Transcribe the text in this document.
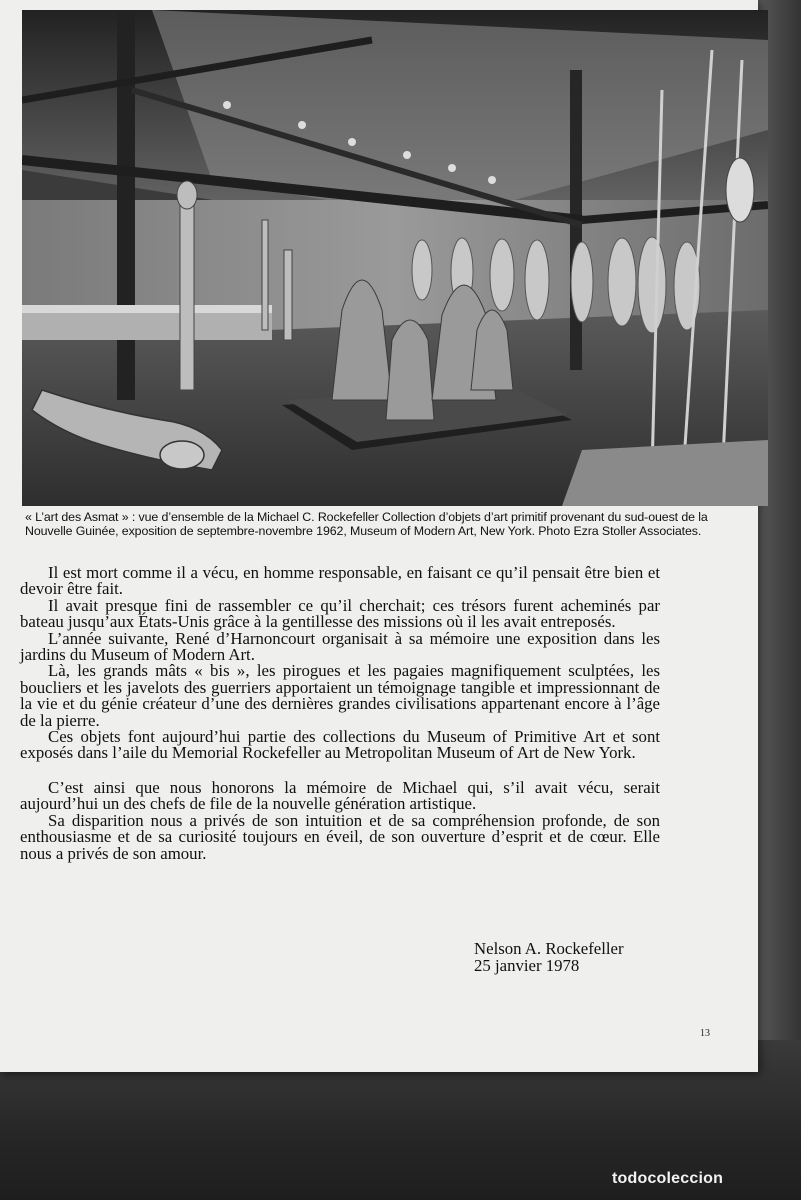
« L’art des Asmat » : vue d’ensemble de la Michael C. Rockefeller Collection d’objets d’art primitif provenant du sud-ouest de la Nouvelle Guinée, exposition de septembre-novembre 1962, Museum of Modern Art, New York. Photo Ezra Stoller Associates.

Il est mort comme il a vécu, en homme responsable, en faisant ce qu’il pensait être bien et devoir être fait.

Il avait presque fini de rassembler ce qu’il cherchait; ces trésors furent acheminés par bateau jusqu’aux États-Unis grâce à la gentillesse des missions où il les avait entreposés.

L’année suivante, René d’Harnoncourt organisait à sa mémoire une exposition dans les jardins du Museum of Modern Art.

Là, les grands mâts « bis », les pirogues et les pagaies magnifiquement sculptées, les boucliers et les javelots des guerriers apportaient un témoignage tangible et impressionnant de la vie et du génie créateur d’une des dernières grandes civilisations appartenant encore à l’âge de la pierre.

Ces objets font aujourd’hui partie des collections du Museum of Primitive Art et sont exposés dans l’aile du Memorial Rockefeller au Metropolitan Museum of Art de New York.

C’est ainsi que nous honorons la mémoire de Michael qui, s’il avait vécu, serait aujourd’hui un des chefs de file de la nouvelle génération artistique.

Sa disparition nous a privés de son intuition et de sa compréhension profonde, de son enthousiasme et de sa curiosité toujours en éveil, de son ouverture d’esprit et de cœur. Elle nous a privés de son amour.

Nelson A. Rockefeller
25 janvier 1978
13
todocoleccion
